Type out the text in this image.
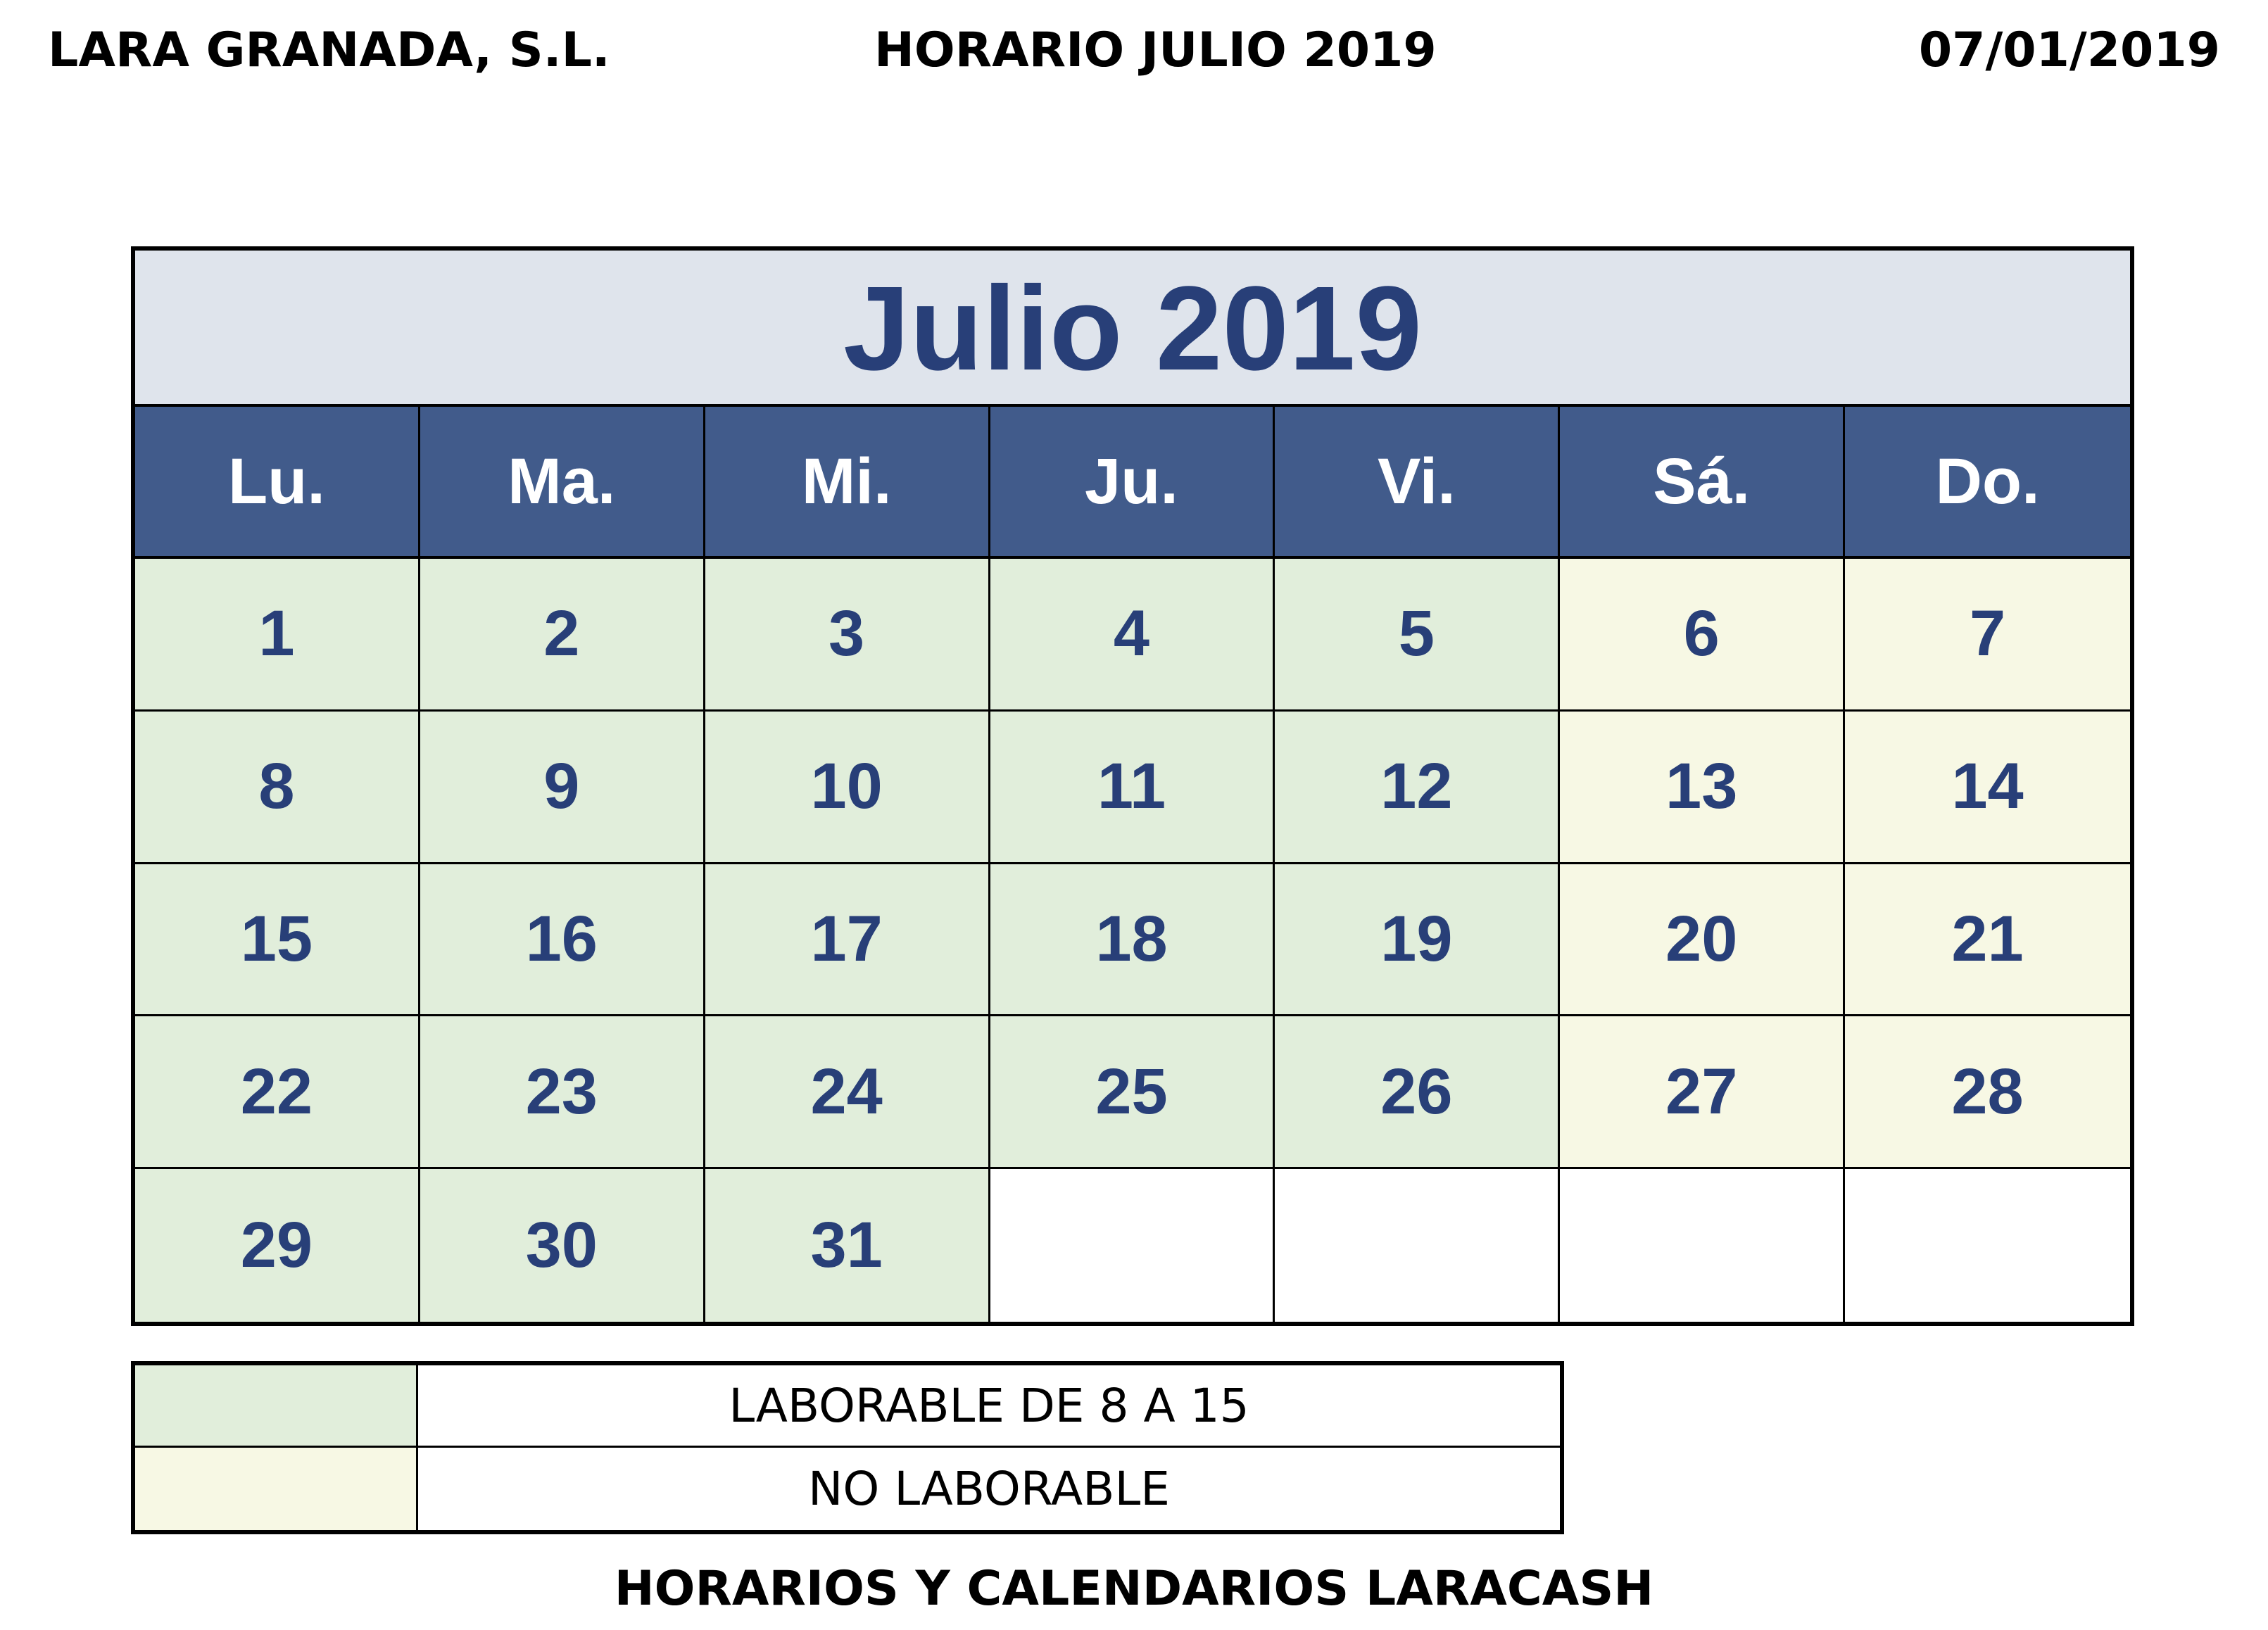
LARA GRANADA, S.L.	HORARIO JULIO 2019	07/01/2019
Julio 2019
Lu.	Ma.	Mi.	Ju.	Vi.	Sá.	Do.
1	2	3	4	5	6	7
8	9	10	11	12	13	14
15	16	17	18	19	20	21
22	23	24	25	26	27	28
29	30	31
LABORABLE DE 8 A 15
NO LABORABLE
HORARIOS Y CALENDARIOS LARACASH
